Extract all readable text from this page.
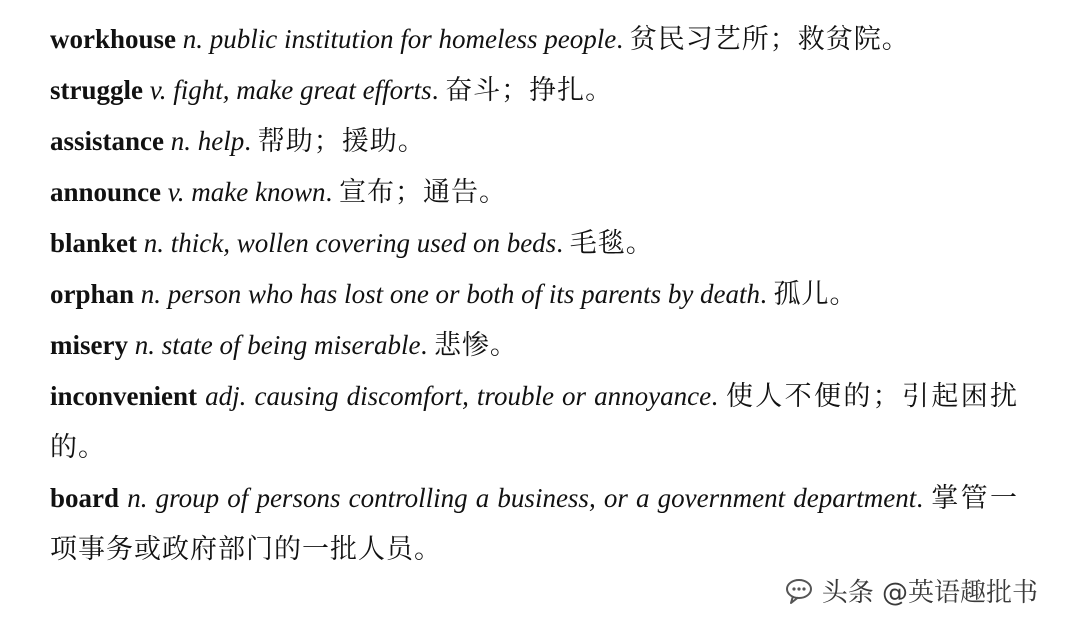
workhouse n. public institution for homeless people. 贫民习艺所；救贫院。

struggle v. fight, make great efforts. 奋斗；挣扎。

assistance n. help. 帮助；援助。

announce v. make known. 宣布；通告。

blanket n. thick, wollen covering used on beds. 毛毯。

orphan n. person who has lost one or both of its parents by death. 孤儿。

misery n. state of being miserable. 悲惨。

inconvenient adj. causing discomfort, trouble or annoyance. 使人不便的；引起困扰的。

board n. group of persons controlling a business, or a government department. 掌管一项事务或政府部门的一批人员。

头条 @英语趣批书
